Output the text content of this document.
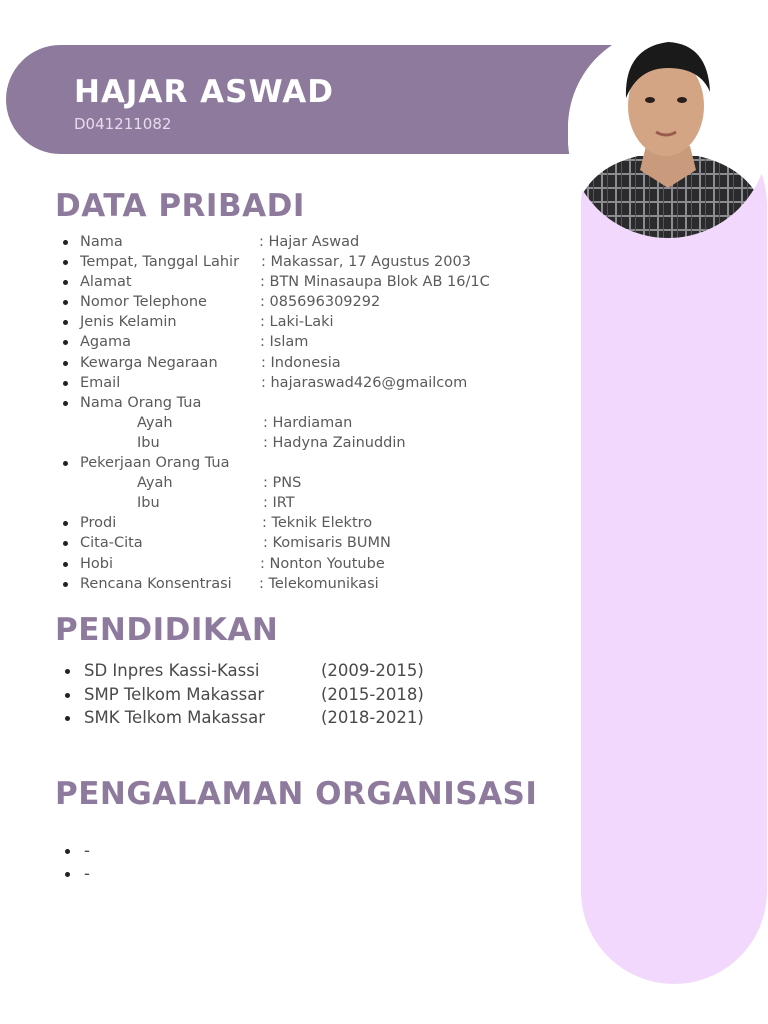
HAJAR ASWAD
D041211082
DATA PRIBADI
Nama	: Hajar Aswad
Tempat, Tanggal Lahir : Makassar, 17 Agustus 2003
Alamat	: BTN Minasaupa Blok AB 16/1C
Nomor Telephone	: 085696309292
Jenis Kelamin	: Laki-Laki
Agama	: Islam
Kewarga Negaraan	: Indonesia
Email	: hajaraswad426@gmailcom
Nama Orang Tua
Ayah	: Hardiaman
Ibu	: Hadyna Zainuddin
Pekerjaan Orang Tua
Ayah	: PNS
Ibu	: IRT
Prodi	: Teknik Elektro
Cita-Cita	: Komisaris BUMN
Hobi	: Nonton Youtube
Rencana Konsentrasi : Telekomunikasi
PENDIDIKAN
SD Inpres Kassi-Kassi	(2009-2015)
SMP Telkom Makassar	(2015-2018)
SMK Telkom Makassar	(2018-2021)
PENGALAMAN ORGANISASI
-
-
